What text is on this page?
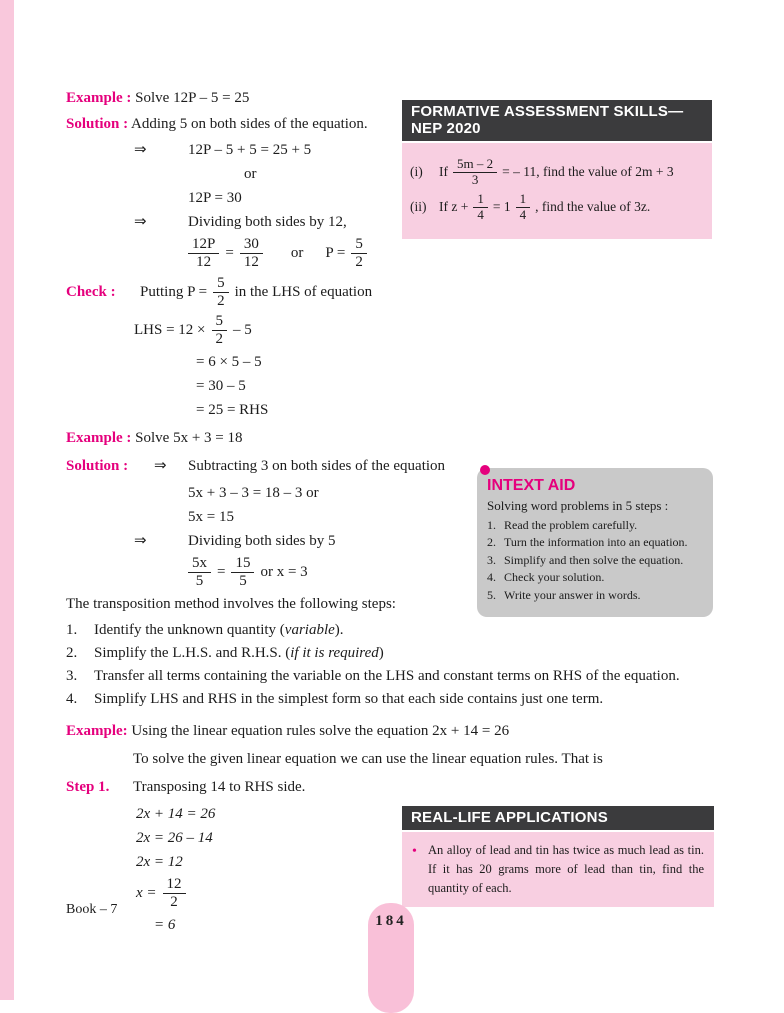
Example : Solve 12P – 5 = 25
Solution : Adding 5 on both sides of the equation.
⇒	12P – 5 + 5 = 25 + 5
or
12P = 30
⇒	Dividing both sides by 12,
$\frac{12P}{12} = \frac{30}{12}$ or $P = \frac{5}{2}$
Check :	Putting $P = \frac{5}{2}$ in the LHS of equation
LHS = $12 \times \frac{5}{2} - 5$
= 6 × 5 – 5
= 30 – 5
= 25 = RHS
Example : Solve 5x + 3 = 18
Solution :	⇒	Subtracting 3 on both sides of the equation
5x + 3 – 3 = 18 – 3 or
5x = 15
⇒	Dividing both sides by 5
$\frac{5x}{5} = \frac{15}{5}$ or x = 3
The transposition method involves the following steps:
1.	Identify the unknown quantity (variable).
2.	Simplify the L.H.S. and R.H.S. (if it is required)
3.	Transfer all terms containing the variable on the LHS and constant terms on RHS of the equation.
4.	Simplify LHS and RHS in the simplest form so that each side contains just one term.
Example: Using the linear equation rules solve the equation 2x + 14 = 26
To solve the given linear equation we can use the linear equation rules. That is
Step 1.	Transposing 14 to RHS side.
2x + 14 = 26
2x = 26 – 14
2x = 12
$x = \frac{12}{2}$
= 6
FORMATIVE ASSESSMENT SKILLS—NEP 2020
(i)	If $\frac{5m - 2}{3}$ = – 11, find the value of 2m + 3
(ii) If $z + \frac{1}{4} = 1 \frac{1}{4}$ , find the value of 3z.
INTEXT AID
Solving word problems in 5 steps :
1. Read the problem carefully.
2. Turn the information into an equation.
3. Simplify and then solve the equation.
4. Check your solution.
5. Write your answer in words.
REAL-LIFE APPLICATIONS
• An alloy of lead and tin has twice as much lead as tin. If it has 20 grams more of lead than tin, find the quantity of each.
Book – 7
184
